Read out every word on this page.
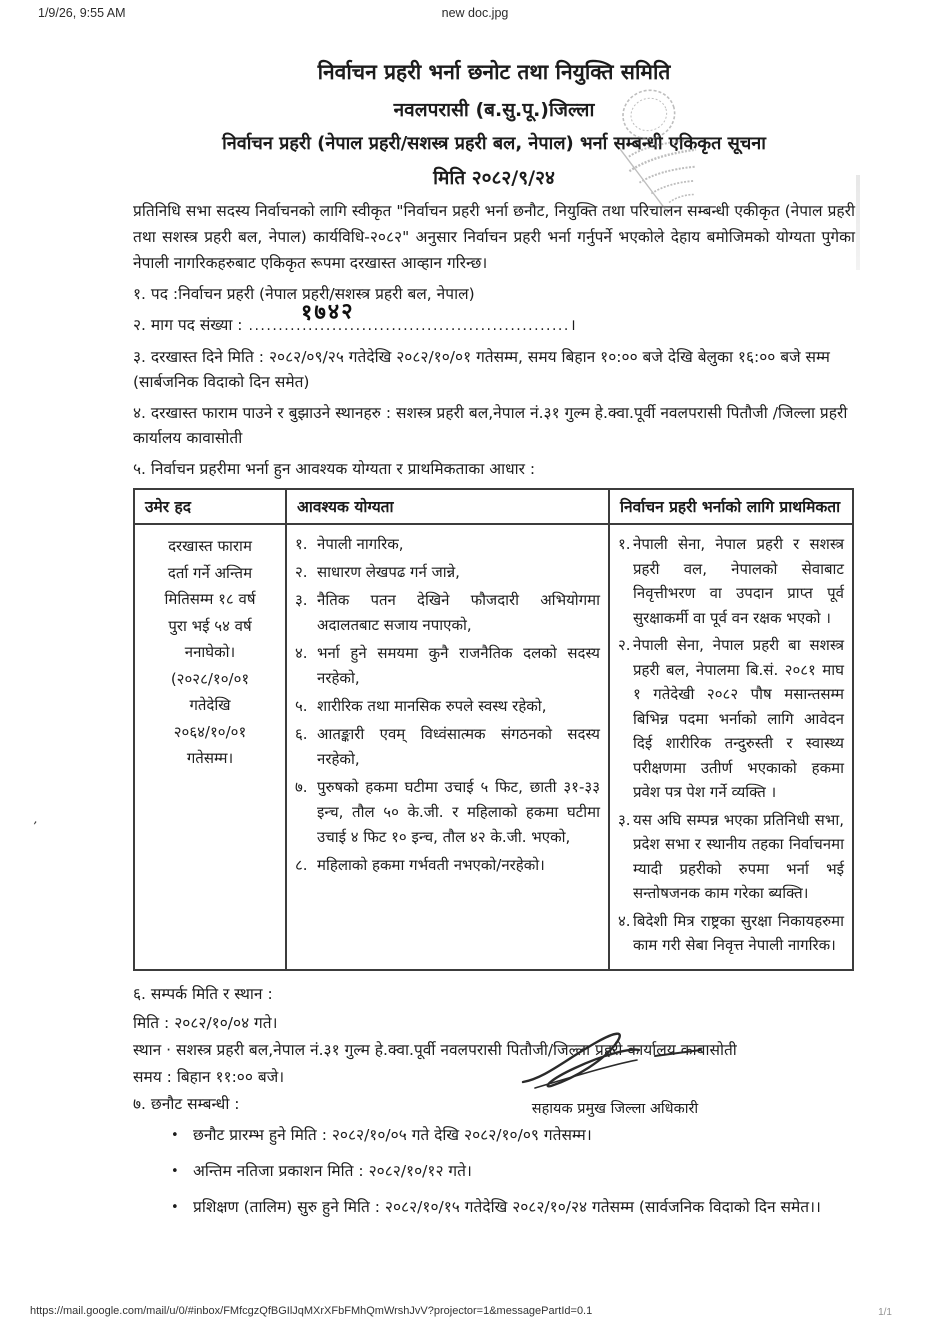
1/9/26, 9:55 AM	new doc.jpg
‚
निर्वाचन प्रहरी भर्ना छनोट तथा नियुक्ति समिति
नवलपरासी (ब.सु.पू.)जिल्ला
निर्वाचन प्रहरी (नेपाल प्रहरी/सशस्त्र प्रहरी बल, नेपाल) भर्ना सम्बन्धी एकिकृत सूचना
मिति २०८२/९/२४

प्रतिनिधि सभा सदस्य निर्वाचनको लागि स्वीकृत "निर्वाचन प्रहरी भर्ना छनौट, नियुक्ति तथा परिचालन सम्बन्धी एकीकृत (नेपाल प्रहरी तथा सशस्त्र प्रहरी बल, नेपाल) कार्यविधि-२०८२" अनुसार निर्वाचन प्रहरी भर्ना गर्नुपर्ने भएकोले देहाय बमोजिमको योग्यता पुगेका नेपाली नागरिकहरुबाट एकिकृत रूपमा दरखास्त आव्हान गरिन्छ।

१. पद :निर्वाचन प्रहरी (नेपाल प्रहरी/सशस्त्र प्रहरी बल, नेपाल)
२. माग पद संख्या : ......................................................
१७४२	।
३. दरखास्त दिने मिति : २०८२/०९/२५ गतेदेखि २०८२/१०/०१ गतेसम्म, समय बिहान १०:०० बजे देखि बेलुका १६:०० बजे सम्म (सार्बजनिक विदाको दिन समेत)
४. दरखास्त फाराम पाउने र बुझाउने स्थानहरु : सशस्त्र प्रहरी बल,नेपाल नं.३१ गुल्म हे.क्वा.पूर्वी नवलपरासी पितौजी /जिल्ला प्रहरी कार्यालय कावासोती
५. निर्वाचन प्रहरीमा भर्ना हुन आवश्यक योग्यता र प्राथमिकताका आधार :
उमेर हद	आवश्यक योग्यता	निर्वाचन प्रहरी भर्नाको लागि प्राथमिकता

दरखास्त फाराम
दर्ता गर्ने अन्तिम
मितिसम्म १८ वर्ष
पुरा भई ५४ वर्ष
ननाघेको।
(२०२८/१०/०१
गतेदेखि
२०६४/१०/०१
गतेसम्म।

१. नेपाली नागरिक,
२. साधारण लेखपढ गर्न जान्ने,
३. नैतिक पतन देखिने फौजदारी अभियोगमा अदालतबाट सजाय नपाएको,
४. भर्ना हुने समयमा कुनै राजनैतिक दलको सदस्य नरहेको,
५. शारीरिक तथा मानसिक रुपले स्वस्थ रहेको,
६. आतङ्कारी एवम् विध्वंसात्मक संगठनको सदस्य नरहेको,
७. पुरुषको हकमा घटीमा उचाई ५ फिट, छाती ३१-३३ इन्च, तौल ५० के.जी. र महिलाको हकमा घटीमा उचाई ४ फिट १० इन्च, तौल ४२ के.जी. भएको,
८. महिलाको हकमा गर्भवती नभएको/नरहेको।

१. नेपाली सेना, नेपाल प्रहरी र सशस्त्र प्रहरी वल, नेपालको सेवाबाट निवृत्तीभरण वा उपदान प्राप्त पूर्व सुरक्षाकर्मी वा पूर्व वन रक्षक भएको ।
२. नेपाली सेना, नेपाल प्रहरी बा सशस्त्र प्रहरी बल, नेपालमा बि.सं. २०८१ माघ १ गतेदेखी २०८२ पौष मसान्तसम्म बिभिन्न पदमा भर्नाको लागि आवेदन दिई शारीरिक तन्दुरुस्ती र स्वास्थ्य परीक्षणमा उतीर्ण भएकाको हकमा प्रवेश पत्र पेश गर्ने व्यक्ति ।
३. यस अघि सम्पन्न भएका प्रतिनिधी सभा, प्रदेश सभा र स्थानीय तहका निर्वाचनमा म्यादी प्रहरीको रुपमा भर्ना भई सन्तोषजनक काम गरेका ब्यक्ति।
४. बिदेशी मित्र राष्ट्रका सुरक्षा निकायहरुमा काम गरी सेबा निवृत्त नेपाली नागरिक।
६. सम्पर्क मिति र स्थान :
मिति : २०८२/१०/०४ गते।
स्थान · सशस्त्र प्रहरी बल,नेपाल नं.३१ गुल्म हे.क्वा.पूर्वी नवलपरासी पितौजी/जिल्ला प्रहरी कार्यालय काबासोती
समय : बिहान ११:०० बजे।
७. छनौट सम्बन्धी :
• छनौट प्रारम्भ हुने मिति : २०८२/१०/०५ गते देखि २०८२/१०/०९ गतेसम्म।
• अन्तिम नतिजा प्रकाशन मिति : २०८२/१०/१२ गते।
• प्रशिक्षण (तालिम) सुरु हुने मिति : २०८२/१०/१५ गतेदेखि २०८२/१०/२४ गतेसम्म (सार्वजनिक विदाको दिन समेत।।
सहायक प्रमुख जिल्ला अधिकारी
https://mail.google.com/mail/u/0/#inbox/FMfcgzQfBGIlJqMXrXFbFMhQmWrshJvV?projector=1&messagePartId=0.1	1/1
